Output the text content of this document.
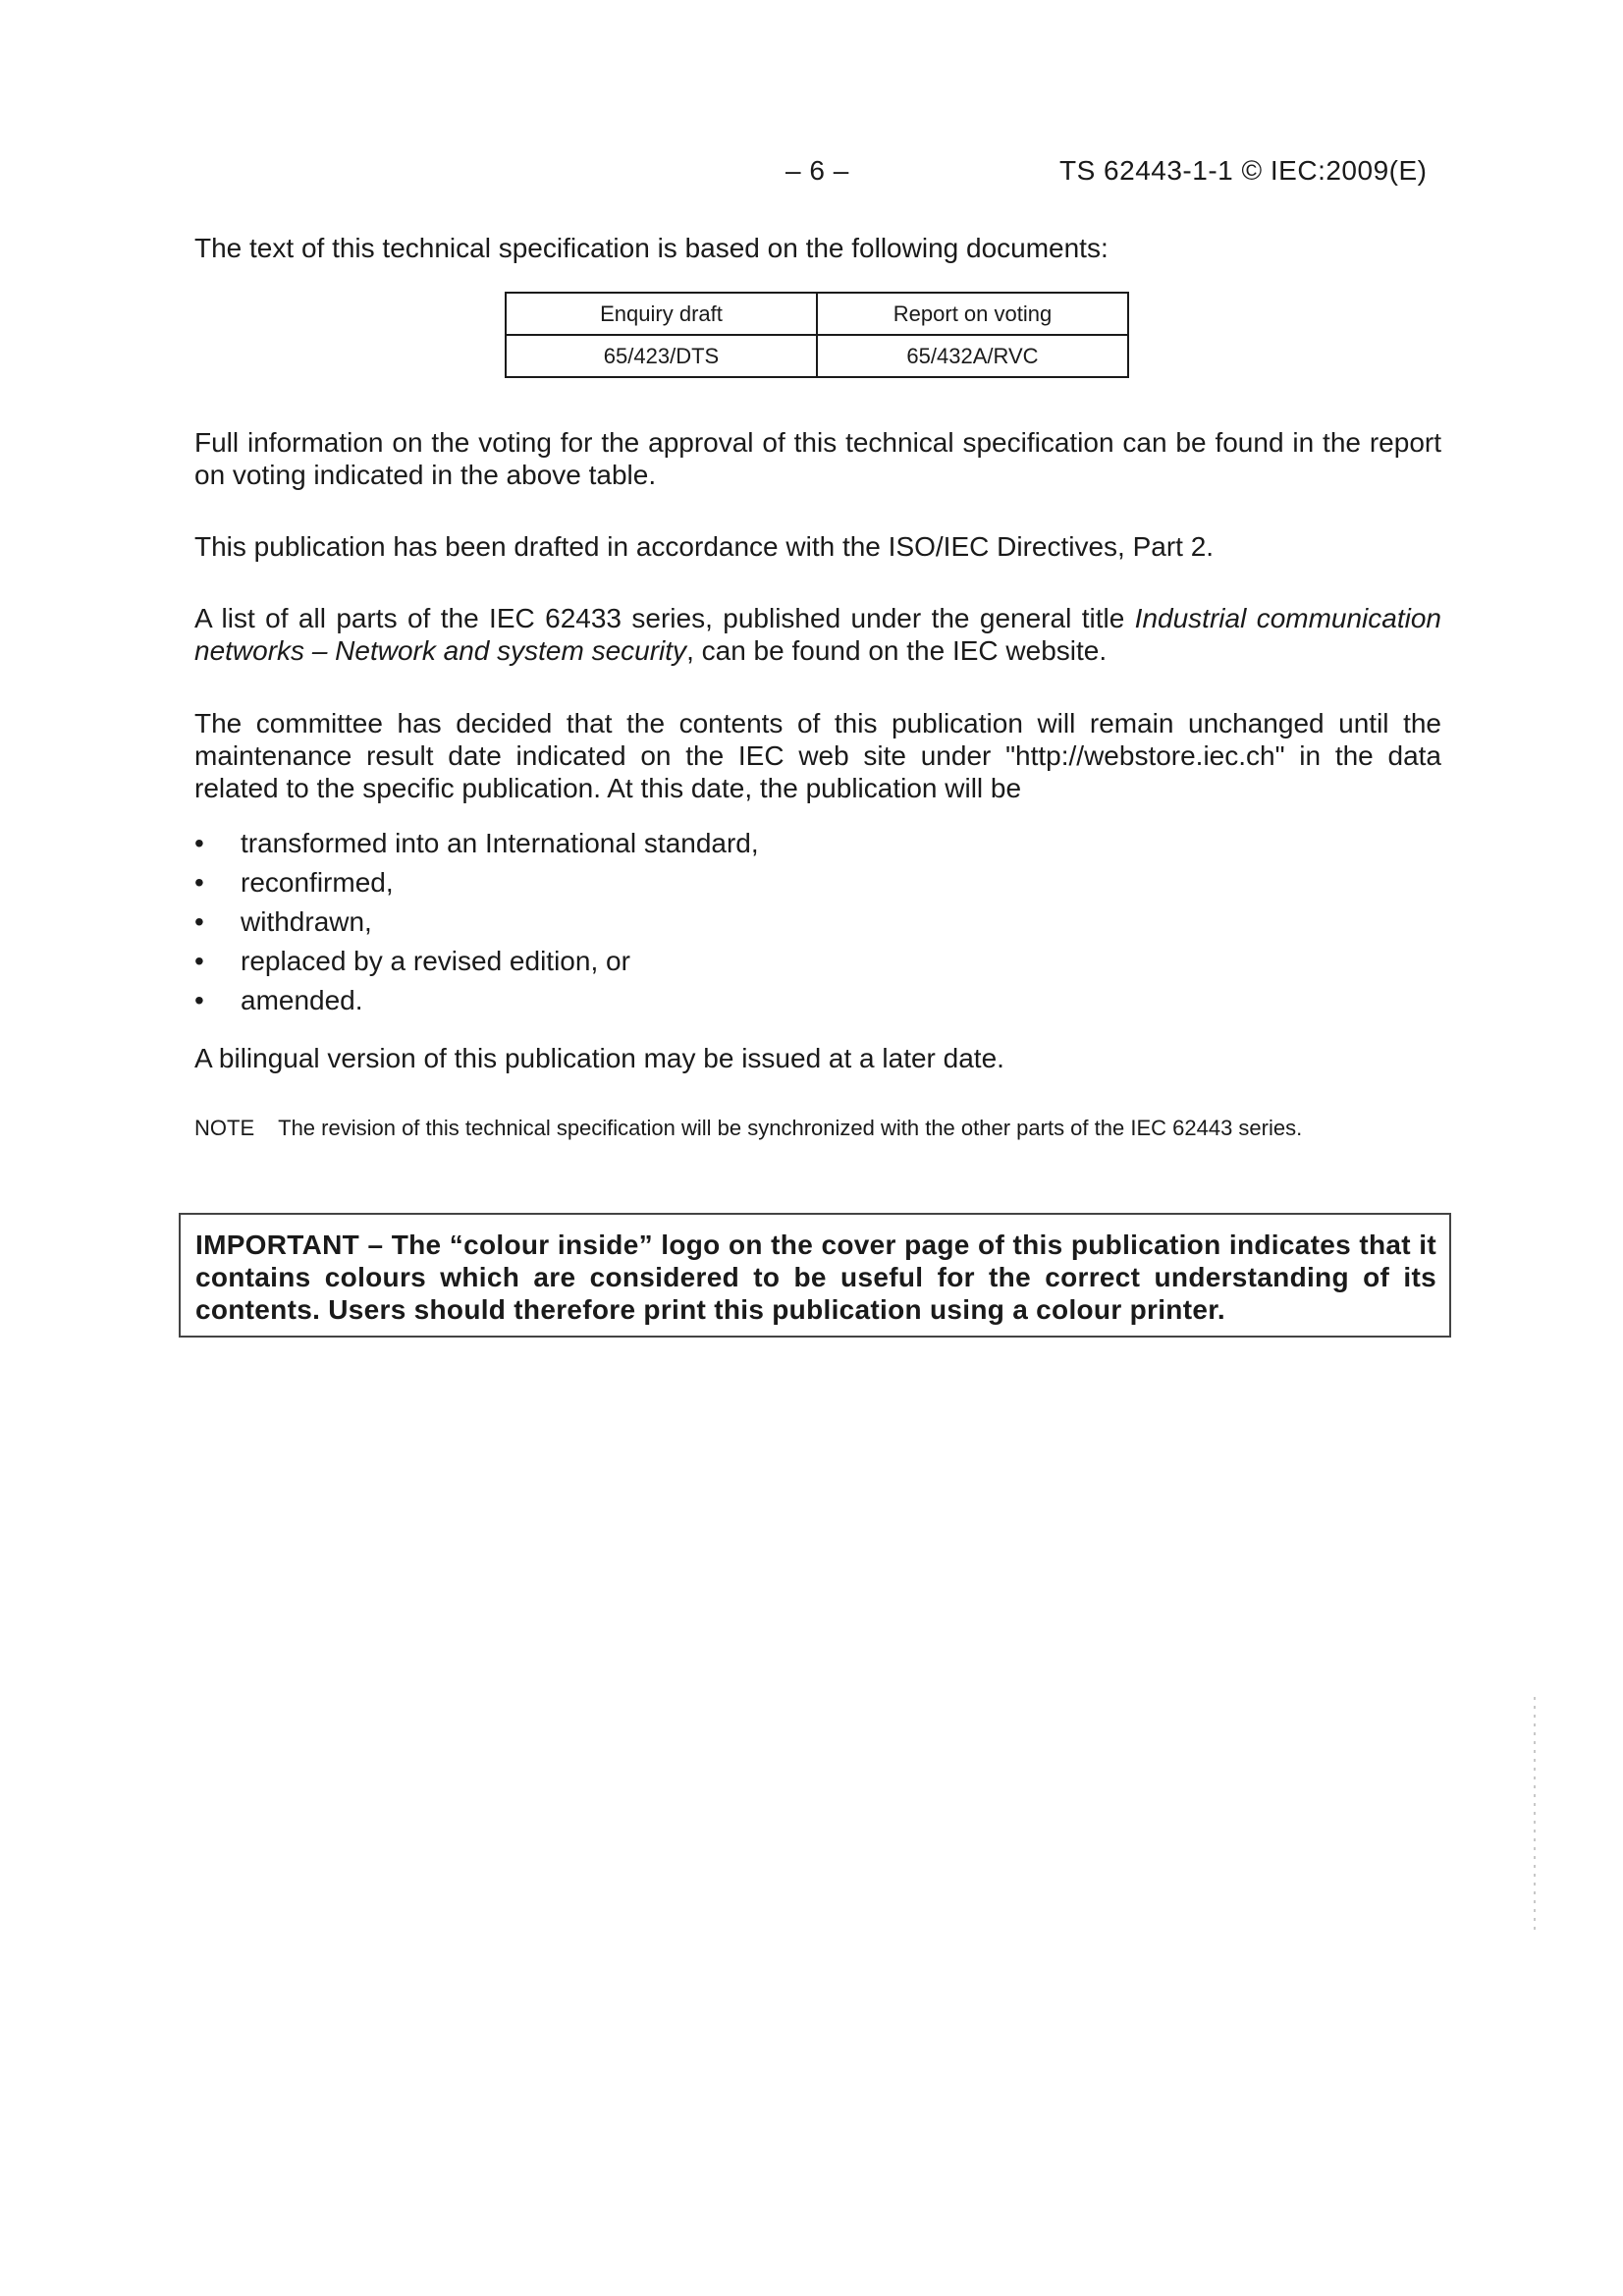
– 6 –	TS 62443-1-1 © IEC:2009(E)
The text of this technical specification is based on the following documents:
Enquiry draft	Report on voting
65/423/DTS	65/432A/RVC

Full information on the voting for the approval of this technical specification can be found in the report on voting indicated in the above table.

This publication has been drafted in accordance with the ISO/IEC Directives, Part 2.

A list of all parts of the IEC 62433 series, published under the general title Industrial communication networks – Network and system security, can be found on the IEC website.

The committee has decided that the contents of this publication will remain unchanged until the maintenance result date indicated on the IEC web site under "http://webstore.iec.ch" in the data related to the specific publication. At this date, the publication will be

• transformed into an International standard,
• reconfirmed,
• withdrawn,
• replaced by a revised edition, or
• amended.

A bilingual version of this publication may be issued at a later date.

NOTE The revision of this technical specification will be synchronized with the other parts of the IEC 62443 series.

IMPORTANT – The “colour inside” logo on the cover page of this publication indicates that it contains colours which are considered to be useful for the correct understanding of its contents. Users should therefore print this publication using a colour printer.
